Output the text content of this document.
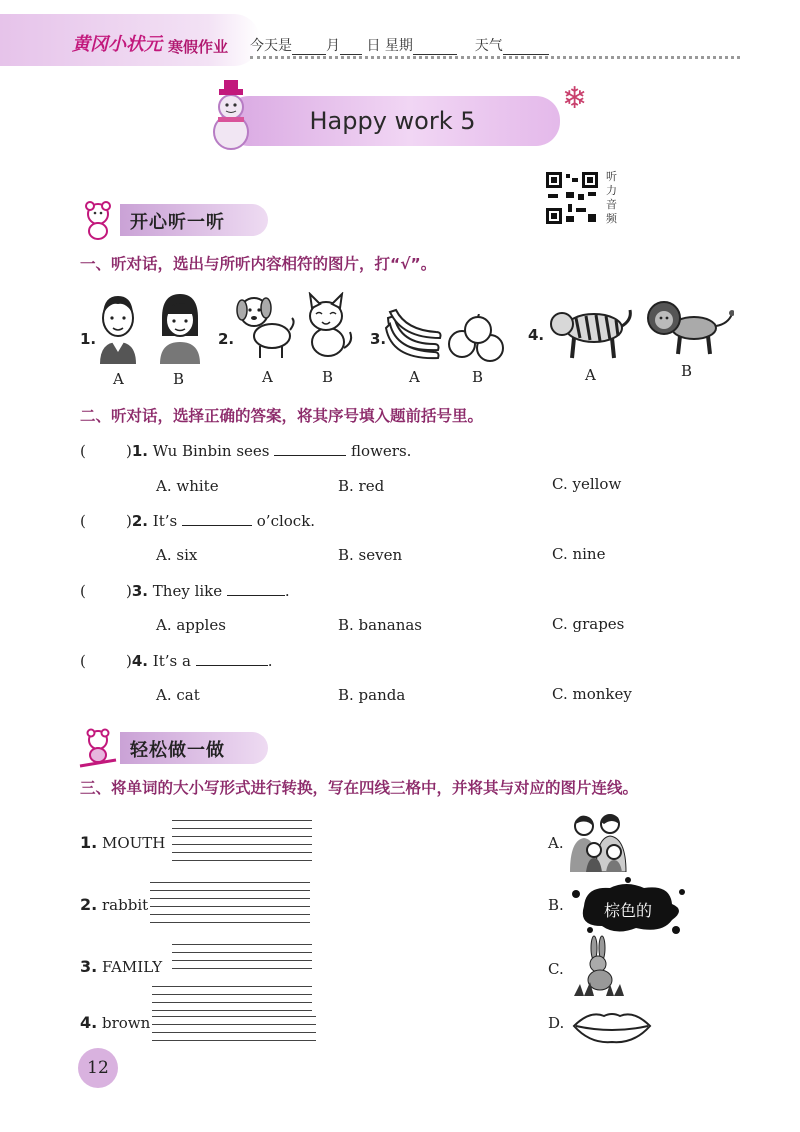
黄冈小状元 寒假作业 今天是 月 日 星期	天气
Happy work 5
❄
听
力
音
频
开心听一听
一、听对话，选出与所听内容相符的图片，打“√”。
1.
A	B
2.
A	B
3.
A	B
4.
A	B
二、听对话，选择正确的答案，将其序号填入题前括号里。
(	)1. Wu Binbin sees	flowers.
A. white	B. red	C. yellow
(	)2. It’s	o’clock.
A. six	B. seven	C. nine
(	)3. They like	.
A. apples	B. bananas	C. grapes
(	)4. It’s a	.
A. cat	B. panda	C. monkey
轻松做一做
三、将单词的大小写形式进行转换，写在四线三格中，并将其与对应的图片连线。
1. MOUTH
2. rabbit
3. FAMILY
4. brown
A.
B.	棕色的
C.
D.
12
